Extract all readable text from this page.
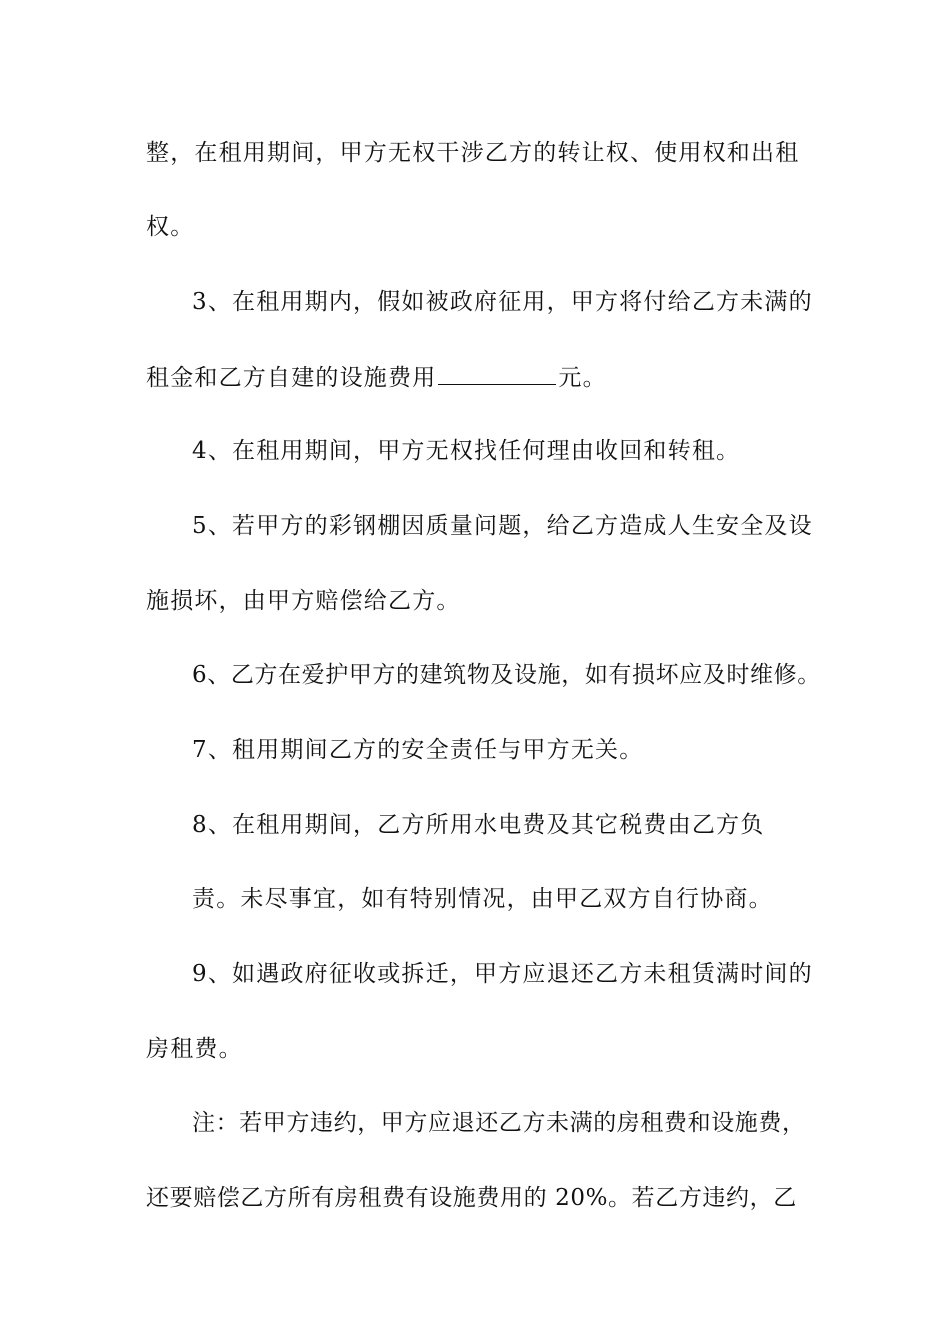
整，在租用期间，甲方无权干涉乙方的转让权、使用权和出租
权。
3、在租用期内，假如被政府征用，甲方将付给乙方未满的
租金和乙方自建的设施费用	元。
4、在租用期间，甲方无权找任何理由收回和转租。
5、若甲方的彩钢棚因质量问题，给乙方造成人生安全及设
施损坏，由甲方赔偿给乙方。
6、乙方在爱护甲方的建筑物及设施，如有损坏应及时维修。
7、租用期间乙方的安全责任与甲方无关。
8、在租用期间，乙方所用水电费及其它税费由乙方负
责。未尽事宜，如有特别情况，由甲乙双方自行协商。
9、如遇政府征收或拆迁，甲方应退还乙方未租赁满时间的
房租费。
注：若甲方违约，甲方应退还乙方未满的房租费和设施费，
还要赔偿乙方所有房租费有设施费用的 20%。若乙方违约，乙
